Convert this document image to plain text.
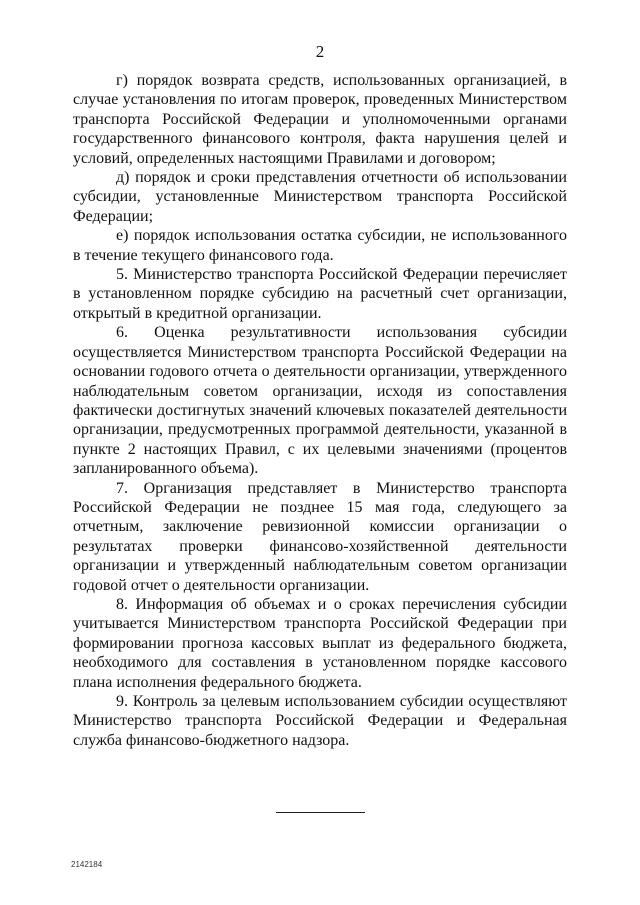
2

г) порядок возврата средств, использованных организацией, в случае установления по итогам проверок, проведенных Министерством транспорта Российской Федерации и уполномоченными органами государственного финансового контроля, факта нарушения целей и условий, определенных настоящими Правилами и договором;

д) порядок и сроки представления отчетности об использовании субсидии, установленные Министерством транспорта Российской Федерации;

е) порядок использования остатка субсидии, не использованного в течение текущего финансового года.

5. Министерство транспорта Российской Федерации перечисляет в установленном порядке субсидию на расчетный счет организации, открытый в кредитной организации.

6. Оценка результативности использования субсидии осуществляется Министерством транспорта Российской Федерации на основании годового отчета о деятельности организации, утвержденного наблюдательным советом организации, исходя из сопоставления фактически достигнутых значений ключевых показателей деятельности организации, предусмотренных программой деятельности, указанной в пункте 2 настоящих Правил, с их целевыми значениями (процентов запланированного объема).

7. Организация представляет в Министерство транспорта Российской Федерации не позднее 15 мая года, следующего за отчетным, заключение ревизионной комиссии организации о результатах проверки финансово-хозяйственной деятельности организации и утвержденный наблюдательным советом организации годовой отчет о деятельности организации.

8. Информация об объемах и о сроках перечисления субсидии учитывается Министерством транспорта Российской Федерации при формировании прогноза кассовых выплат из федерального бюджета, необходимого для составления в установленном порядке кассового плана исполнения федерального бюджета.

9. Контроль за целевым использованием субсидии осуществляют Министерство транспорта Российской Федерации и Федеральная служба финансово-бюджетного надзора.

2142184
